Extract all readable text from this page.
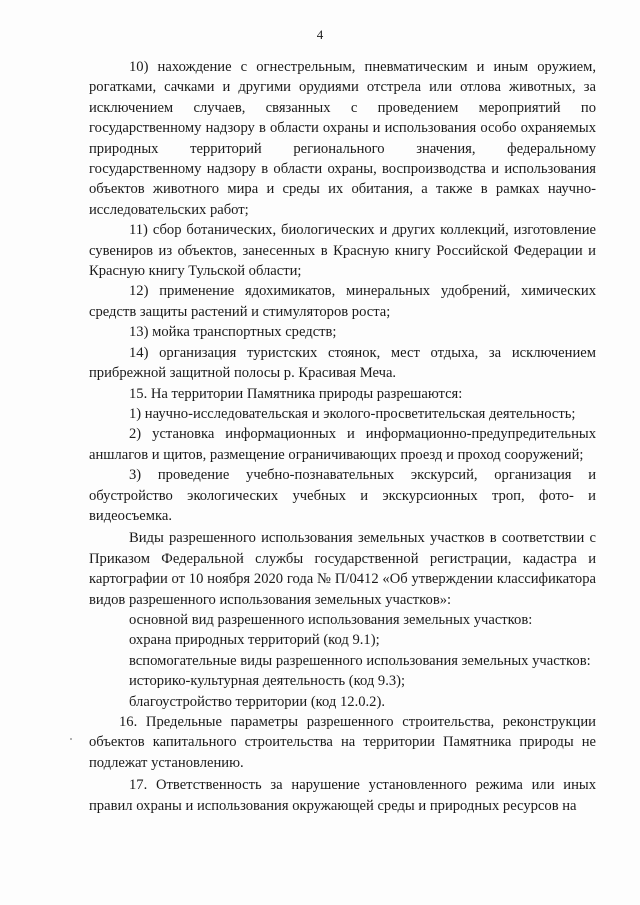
4

10) нахождение с огнестрельным, пневматическим и иным оружием, рогатками, сачками и другими орудиями отстрела или отлова животных, за исключением случаев, связанных с проведением мероприятий по государственному надзору в области охраны и использования особо охраняемых природных территорий регионального значения, федеральному государственному надзору в области охраны, воспроизводства и использования объектов животного мира и среды их обитания, а также в рамках научно-исследовательских работ;

11) сбор ботанических, биологических и других коллекций, изготовление сувениров из объектов, занесенных в Красную книгу Российской Федерации и Красную книгу Тульской области;

12) применение ядохимикатов, минеральных удобрений, химических средств защиты растений и стимуляторов роста;

13) мойка транспортных средств;

14) организация туристских стоянок, мест отдыха, за исключением прибрежной защитной полосы р. Красивая Меча.

15. На территории Памятника природы разрешаются:

1) научно-исследовательская и эколого-просветительская деятельность;

2) установка информационных и информационно-предупредительных аншлагов и щитов, размещение ограничивающих проезд и проход сооружений;

3) проведение учебно-познавательных экскурсий, организация и обустройство экологических учебных и экскурсионных троп, фото- и видеосъемка.

Виды разрешенного использования земельных участков в соответствии с Приказом Федеральной службы государственной регистрации, кадастра и картографии от 10 ноября 2020 года № П/0412 «Об утверждении классификатора видов разрешенного использования земельных участков»:

основной вид разрешенного использования земельных участков:

охрана природных территорий (код 9.1);

вспомогательные виды разрешенного использования земельных участков:

историко-культурная деятельность (код 9.3);

благоустройство территории (код 12.0.2).

16. Предельные параметры разрешенного строительства, реконструкции объектов капитального строительства на территории Памятника природы не подлежат установлению.

17. Ответственность за нарушение установленного режима или иных правил охраны и использования окружающей среды и природных ресурсов на
